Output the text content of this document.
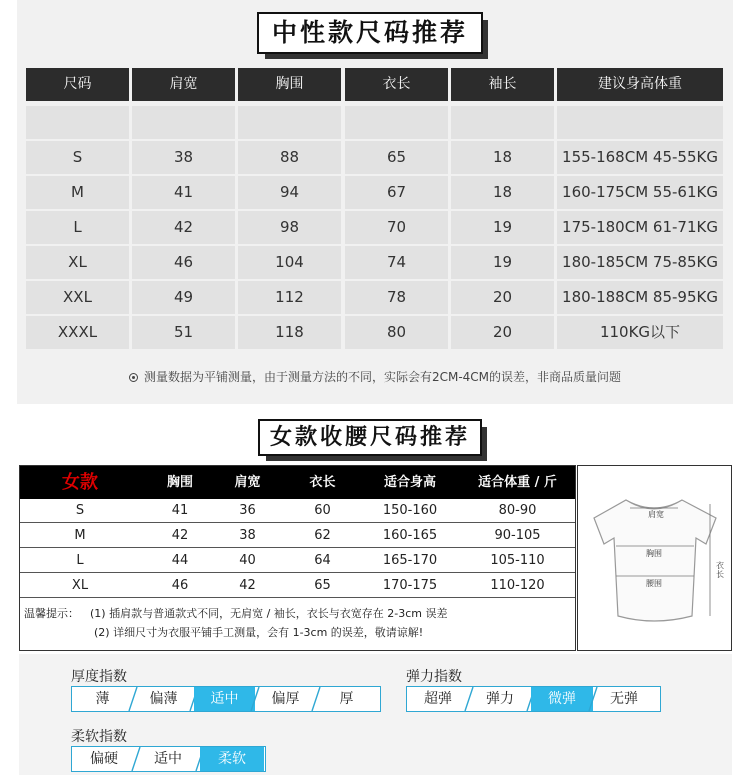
中性款尺码推荐
尺码	肩宽	胸围	衣长	袖长	建议身高体重
S	38	88	65	18	155-168CM 45-55KG
M	41	94	67	18	160-175CM 55-61KG
L	42	98	70	19	175-180CM 61-71KG
XL	46	104	74	19	180-185CM 75-85KG
XXL	49	112	78	20	180-188CM 85-95KG
XXXL	51	118	80	20	110KG以下
测量数据为平铺测量，由于测量方法的不同，实际会有2CM-4CM的误差，非商品质量问题
女款收腰尺码推荐
女款	胸围	肩宽	衣长	适合身高	适合体重 / 斤
S	41	36	60	150-160	80-90
M	42	38	62	160-165	90-105
L	44	40	64	165-170	105-110
XL	46	42	65	170-175	110-120
温馨提示： (1) 插肩款与普通款式不同，无肩宽 / 袖长，衣长与衣宽存在 2-3cm 误差
(2) 详细尺寸为衣服平铺手工测量，会有 1-3cm 的误差，敬请谅解!
肩宽
胸围
腰围
衣长
厚度指数
薄	偏薄	适中	偏厚	厚
弹力指数
超弹	弹力	微弹	无弹
柔软指数
偏硬	适中	柔软
